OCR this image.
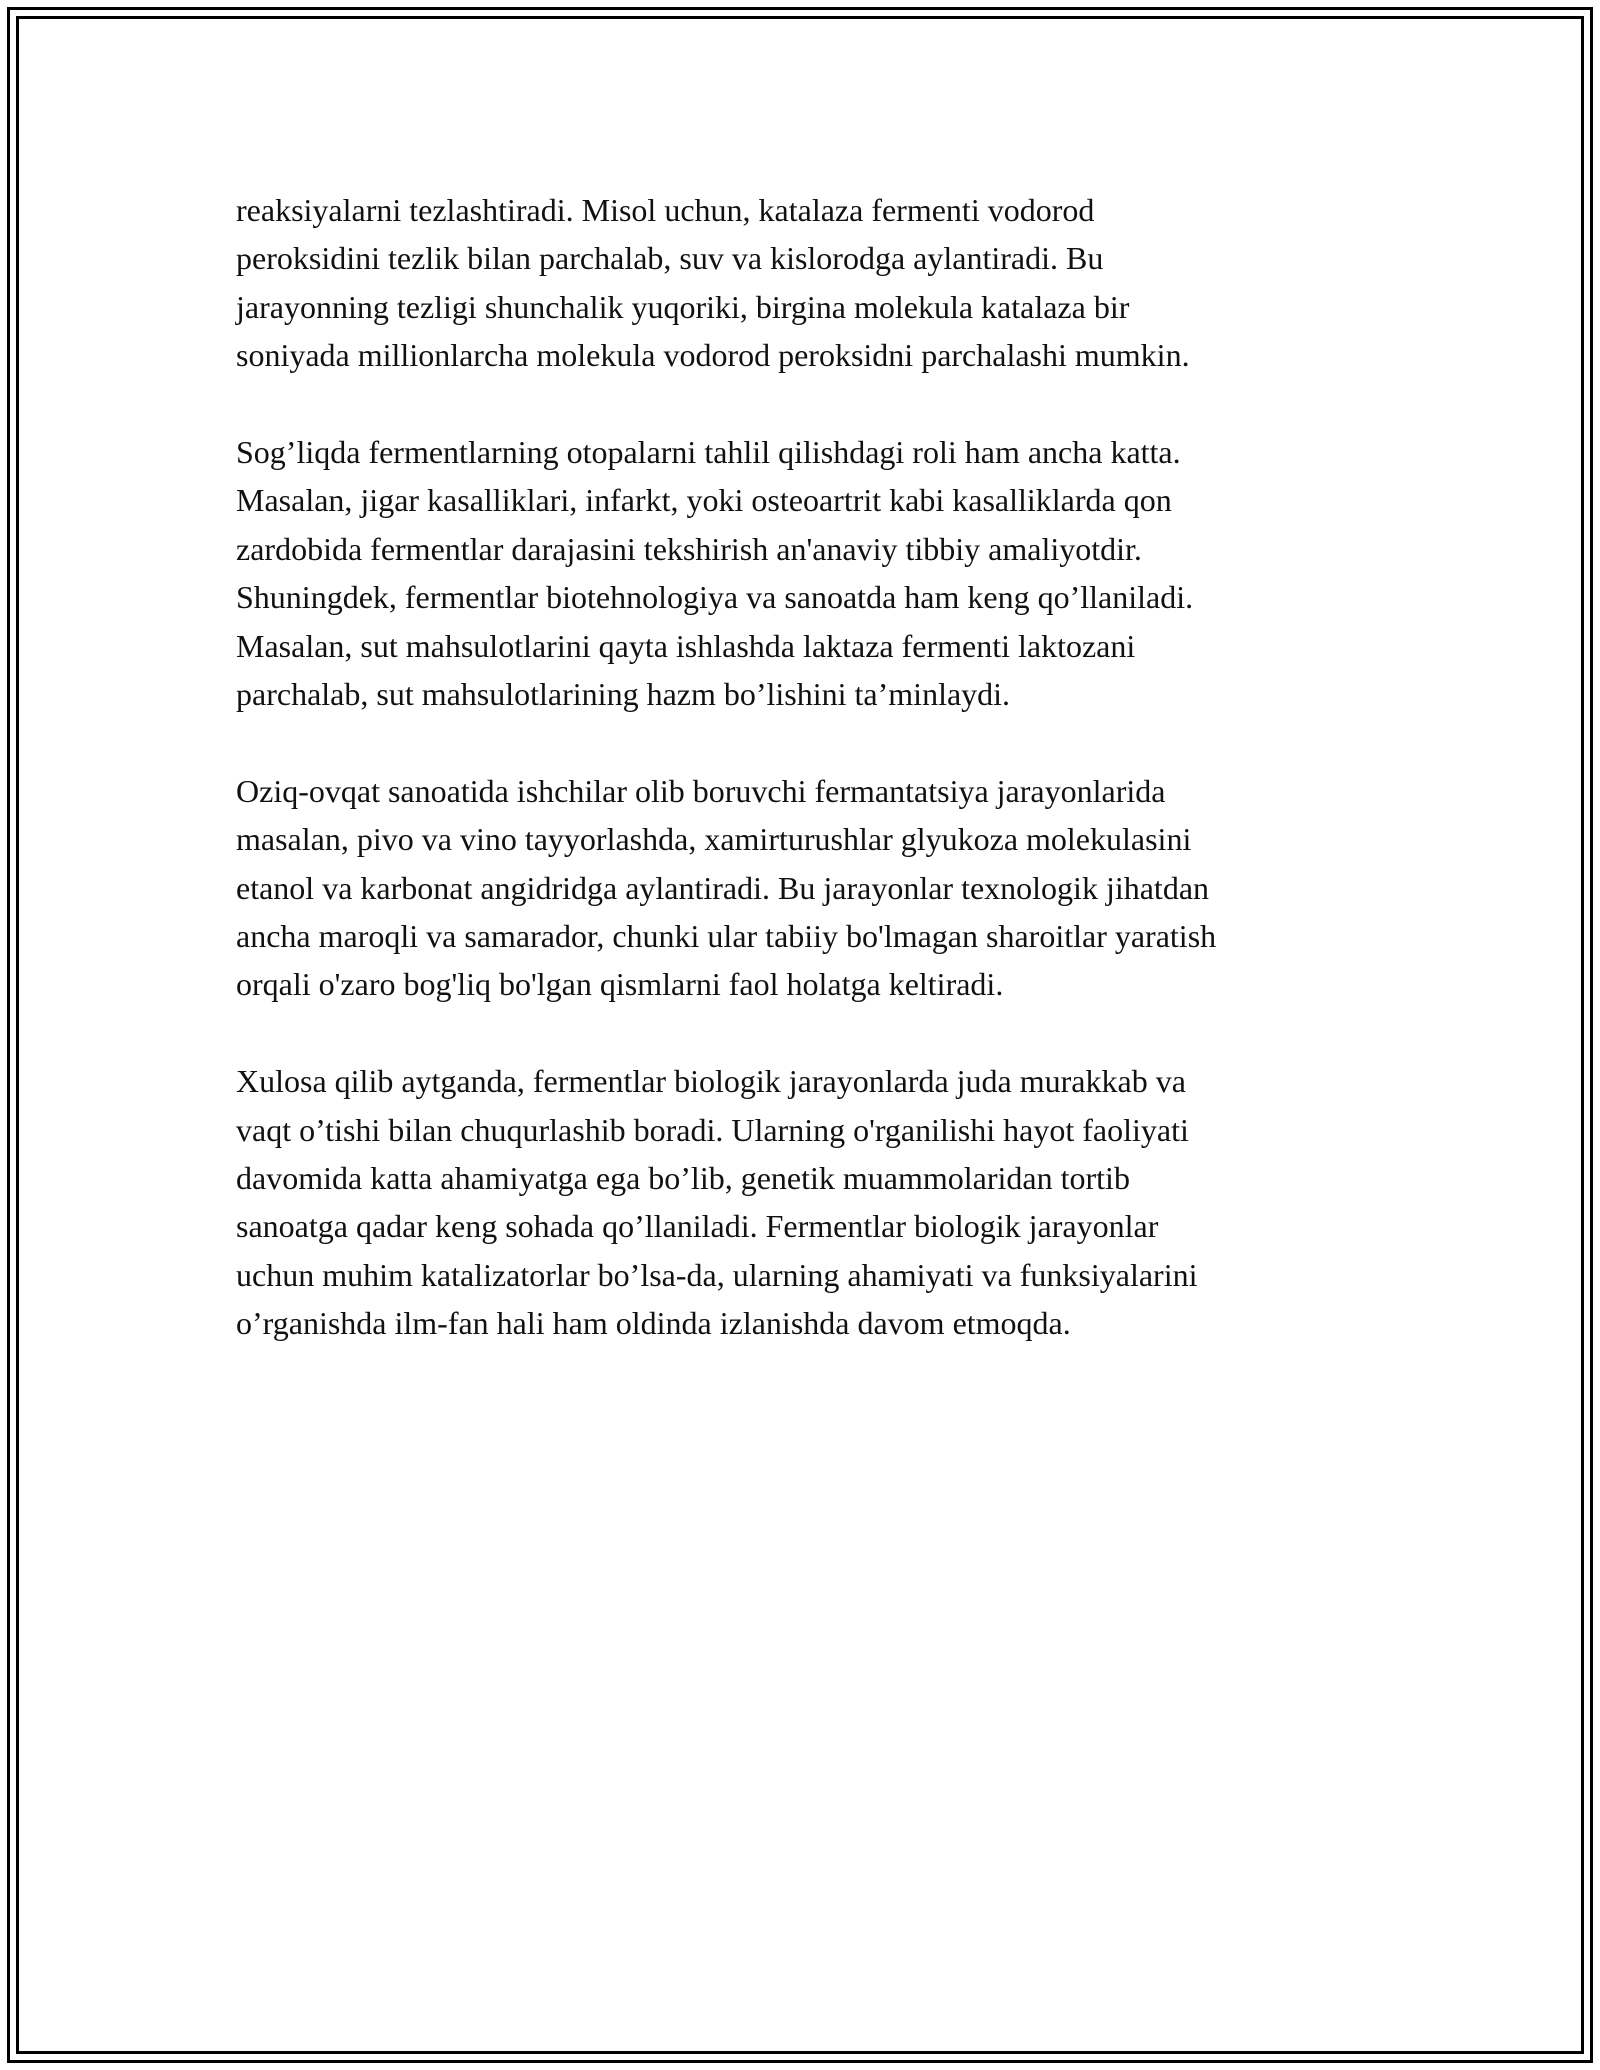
reaksiyalarni tezlashtiradi. Misol uchun, katalaza fermenti vodorod
peroksidini tezlik bilan parchalab, suv va kislorodga aylantiradi. Bu
jarayonning tezligi shunchalik yuqoriki, birgina molekula katalaza bir
soniyada millionlarcha molekula vodorod peroksidni parchalashi mumkin.

Sog’liqda fermentlarning otopalarni tahlil qilishdagi roli ham ancha katta.
Masalan, jigar kasalliklari, infarkt, yoki osteoartrit kabi kasalliklarda qon
zardobida fermentlar darajasini tekshirish an'anaviy tibbiy amaliyotdir.
Shuningdek, fermentlar biotehnologiya va sanoatda ham keng qo’llaniladi.
Masalan, sut mahsulotlarini qayta ishlashda laktaza fermenti laktozani
parchalab, sut mahsulotlarining hazm bo’lishini ta’minlaydi.

Oziq-ovqat sanoatida ishchilar olib boruvchi fermantatsiya jarayonlarida
masalan, pivo va vino tayyorlashda, xamirturushlar glyukoza molekulasini
etanol va karbonat angidridga aylantiradi. Bu jarayonlar texnologik jihatdan
ancha maroqli va samarador, chunki ular tabiiy bo'lmagan sharoitlar yaratish
orqali o'zaro bog'liq bo'lgan qismlarni faol holatga keltiradi.

Xulosa qilib aytganda, fermentlar biologik jarayonlarda juda murakkab va
vaqt o’tishi bilan chuqurlashib boradi. Ularning o'rganilishi hayot faoliyati
davomida katta ahamiyatga ega bo’lib, genetik muammolaridan tortib
sanoatga qadar keng sohada qo’llaniladi. Fermentlar biologik jarayonlar
uchun muhim katalizatorlar bo’lsa-da, ularning ahamiyati va funksiyalarini
o’rganishda ilm-fan hali ham oldinda izlanishda davom etmoqda.
